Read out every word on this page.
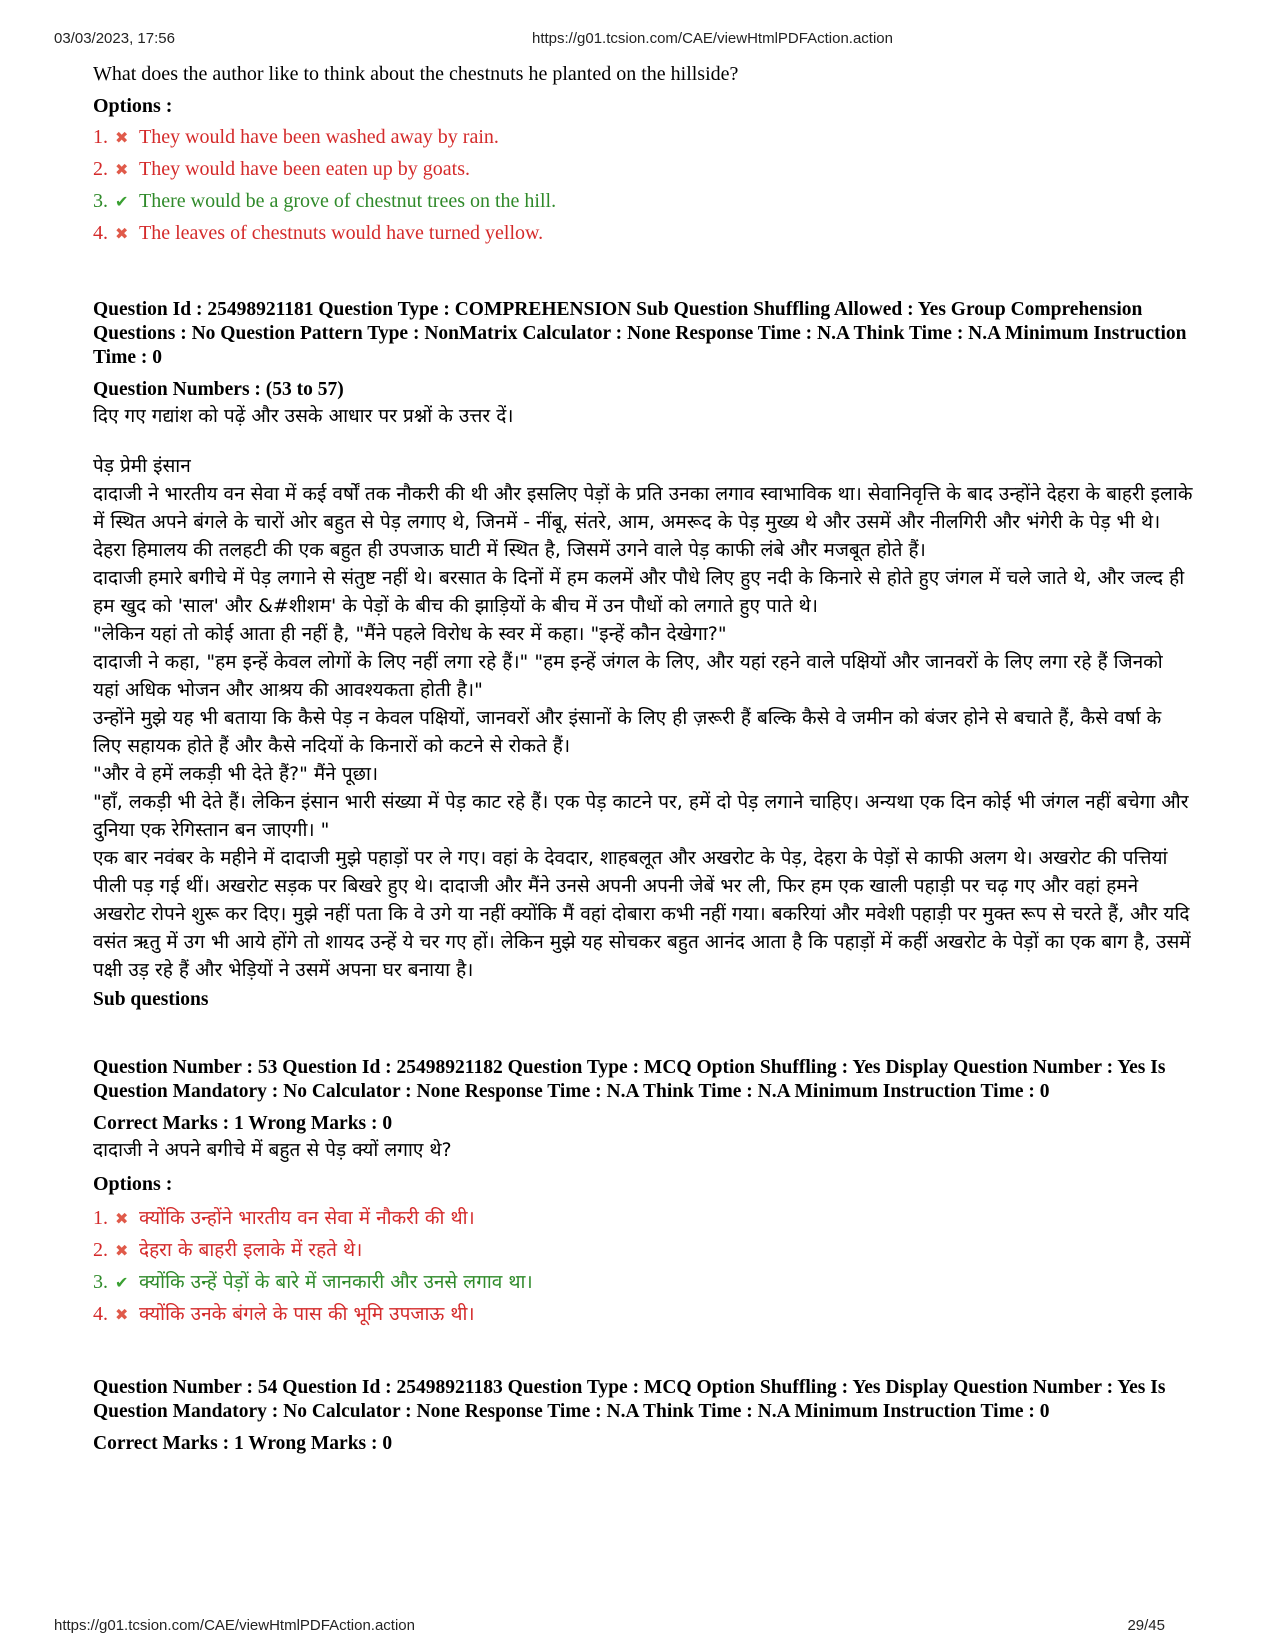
03/03/2023, 17:56	https://g01.tcsion.com/CAE/viewHtmlPDFAction.action
What does the author like to think about the chestnuts he planted on the hillside?
Options :
1. ✖ They would have been washed away by rain.
2. ✖ They would have been eaten up by goats.
3. ✔ There would be a grove of chestnut trees on the hill.
4. ✖ The leaves of chestnuts would have turned yellow.
Question Id : 25498921181 Question Type : COMPREHENSION Sub Question Shuffling Allowed : Yes Group Comprehension Questions : No Question Pattern Type : NonMatrix Calculator : None Response Time : N.A Think Time : N.A Minimum Instruction Time : 0
Question Numbers : (53 to 57)
दिए गए गद्यांश को पढ़ें और उसके आधार पर प्रश्नों के उत्तर दें।

पेड़ प्रेमी इंसान

दादाजी ने भारतीय वन सेवा में कई वर्षों तक नौकरी की थी और इसलिए पेड़ों के प्रति उनका लगाव स्वाभाविक था। सेवानिवृत्ति के बाद उन्होंने देहरा के बाहरी इलाके में स्थित अपने बंगले के चारों ओर बहुत से पेड़ लगाए थे, जिनमें - नींबू, संतरे, आम, अमरूद के पेड़ मुख्य थे और उसमें और नीलगिरी और भंगेरी के पेड़ भी थे। देहरा हिमालय की तलहटी की एक बहुत ही उपजाऊ घाटी में स्थित है, जिसमें उगने वाले पेड़ काफी लंबे और मजबूत होते हैं।

दादाजी हमारे बगीचे में पेड़ लगाने से संतुष्ट नहीं थे। बरसात के दिनों में हम कलमें और पौधे लिए हुए नदी के किनारे से होते हुए जंगल में चले जाते थे, और जल्द ही हम खुद को 'साल' और &#शीशम' के पेड़ों के बीच की झाड़ियों के बीच में उन पौधों को लगाते हुए पाते थे।

"लेकिन यहां तो कोई आता ही नहीं है, "मैंने पहले विरोध के स्वर में कहा। "इन्हें कौन देखेगा?"

दादाजी ने कहा, "हम इन्हें केवल लोगों के लिए नहीं लगा रहे हैं।" "हम इन्हें जंगल के लिए, और यहां रहने वाले पक्षियों और जानवरों के लिए लगा रहे हैं जिनको यहां अधिक भोजन और आश्रय की आवश्यकता होती है।"

उन्होंने मुझे यह भी बताया कि कैसे पेड़ न केवल पक्षियों, जानवरों और इंसानों के लिए ही ज़रूरी हैं बल्कि कैसे वे जमीन को बंजर होने से बचाते हैं, कैसे वर्षा के लिए सहायक होते हैं और कैसे नदियों के किनारों को कटने से रोकते हैं।

"और वे हमें लकड़ी भी देते हैं?" मैंने पूछा।

"हाँ, लकड़ी भी देते हैं। लेकिन इंसान भारी संख्या में पेड़ काट रहे हैं। एक पेड़ काटने पर, हमें दो पेड़ लगाने चाहिए। अन्यथा एक दिन कोई भी जंगल नहीं बचेगा और दुनिया एक रेगिस्तान बन जाएगी। "

एक बार नवंबर के महीने में दादाजी मुझे पहाड़ों पर ले गए। वहां के देवदार, शाहबलूत और अखरोट के पेड़, देहरा के पेड़ों से काफी अलग थे। अखरोट की पत्तियां पीली पड़ गई थीं। अखरोट सड़क पर बिखरे हुए थे। दादाजी और मैंने उनसे अपनी अपनी जेबें भर ली, फिर हम एक खाली पहाड़ी पर चढ़ गए और वहां हमने अखरोट रोपने शुरू कर दिए। मुझे नहीं पता कि वे उगे या नहीं क्योंकि मैं वहां दोबारा कभी नहीं गया। बकरियां और मवेशी पहाड़ी पर मुक्त रूप से चरते हैं, और यदि वसंत ऋतु में उग भी आये होंगे तो शायद उन्हें ये चर गए हों। लेकिन मुझे यह सोचकर बहुत आनंद आता है कि पहाड़ों में कहीं अखरोट के पेड़ों का एक बाग है, उसमें पक्षी उड़ रहे हैं और भेड़ियों ने उसमें अपना घर बनाया है।

Sub questions
Question Number : 53 Question Id : 25498921182 Question Type : MCQ Option Shuffling : Yes Display Question Number : Yes Is Question Mandatory : No Calculator : None Response Time : N.A Think Time : N.A Minimum Instruction Time : 0
Correct Marks : 1 Wrong Marks : 0
दादाजी ने अपने बगीचे में बहुत से पेड़ क्यों लगाए थे?
Options :
1. ✖ क्योंकि उन्होंने भारतीय वन सेवा में नौकरी की थी।
2. ✖ देहरा के बाहरी इलाके में रहते थे।
3. ✔ क्योंकि उन्हें पेड़ों के बारे में जानकारी और उनसे लगाव था।
4. ✖ क्योंकि उनके बंगले के पास की भूमि उपजाऊ थी।
Question Number : 54 Question Id : 25498921183 Question Type : MCQ Option Shuffling : Yes Display Question Number : Yes Is Question Mandatory : No Calculator : None Response Time : N.A Think Time : N.A Minimum Instruction Time : 0
Correct Marks : 1 Wrong Marks : 0
https://g01.tcsion.com/CAE/viewHtmlPDFAction.action	29/45
